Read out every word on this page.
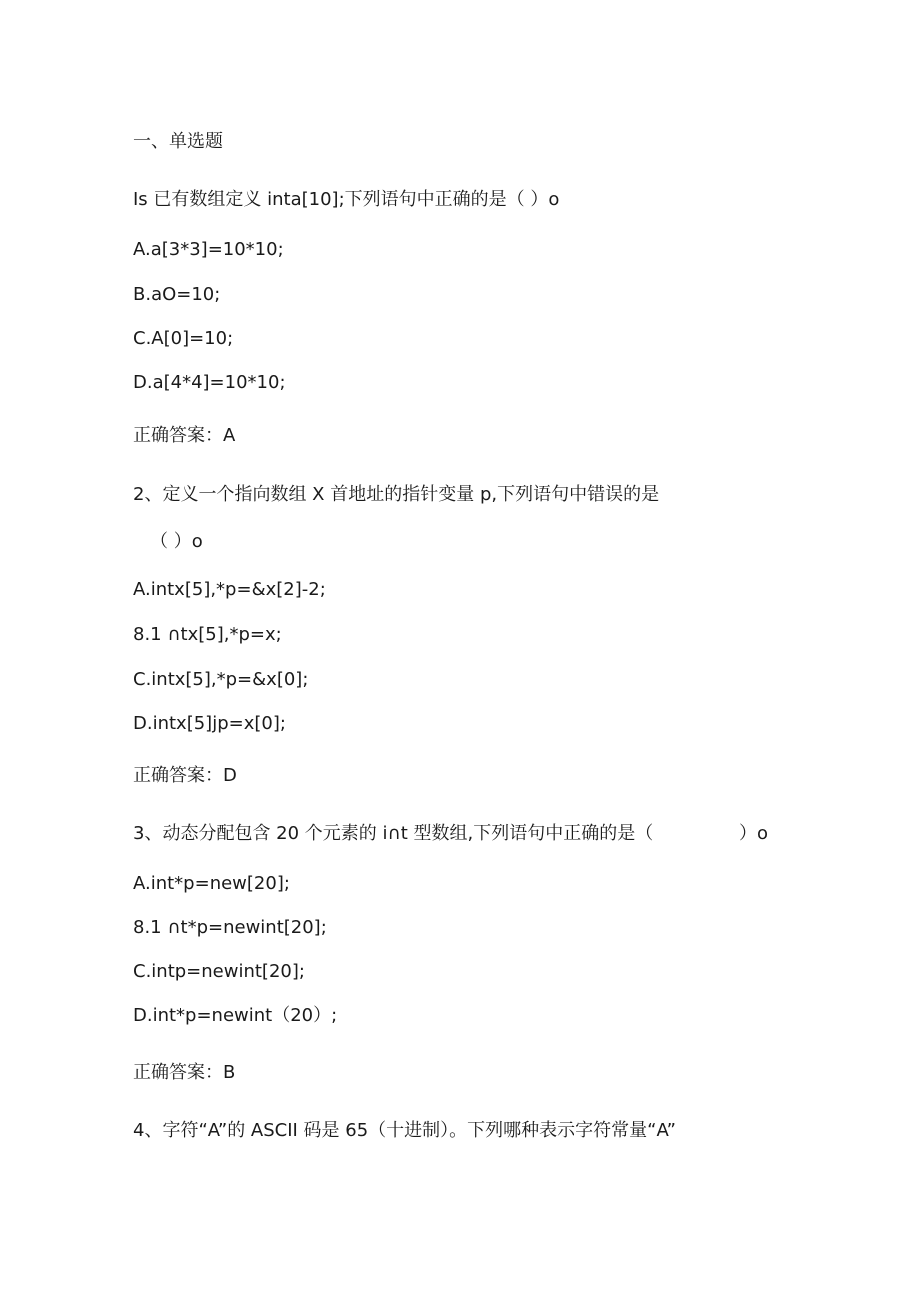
一、单选题

Is 已有数组定义 inta[10];下列语句中正确的是（ ）o

A.a[3*3]=10*10;

B.aO=10;

C.A[0]=10;

D.a[4*4]=10*10;

正确答案：A

2、定义一个指向数组 X 首地址的指针变量 p,下列语句中错误的是

（ ）o

A.intx[5],*p=&x[2]-2;

8.1 ∩tx[5],*p=x;

C.intx[5],*p=&x[0];

D.intx[5]jp=x[0];

正确答案：D

3、动态分配包含 20 个元素的 i∩t 型数组,下列语句中正确的是（               ）o

A.int*p=new[20];

8.1 ∩t*p=newint[20];

C.intp=newint[20];

D.int*p=newint（20）;

正确答案：B

4、字符“A”的 ASCII 码是 65（十进制）。下列哪种表示字符常量“A”
